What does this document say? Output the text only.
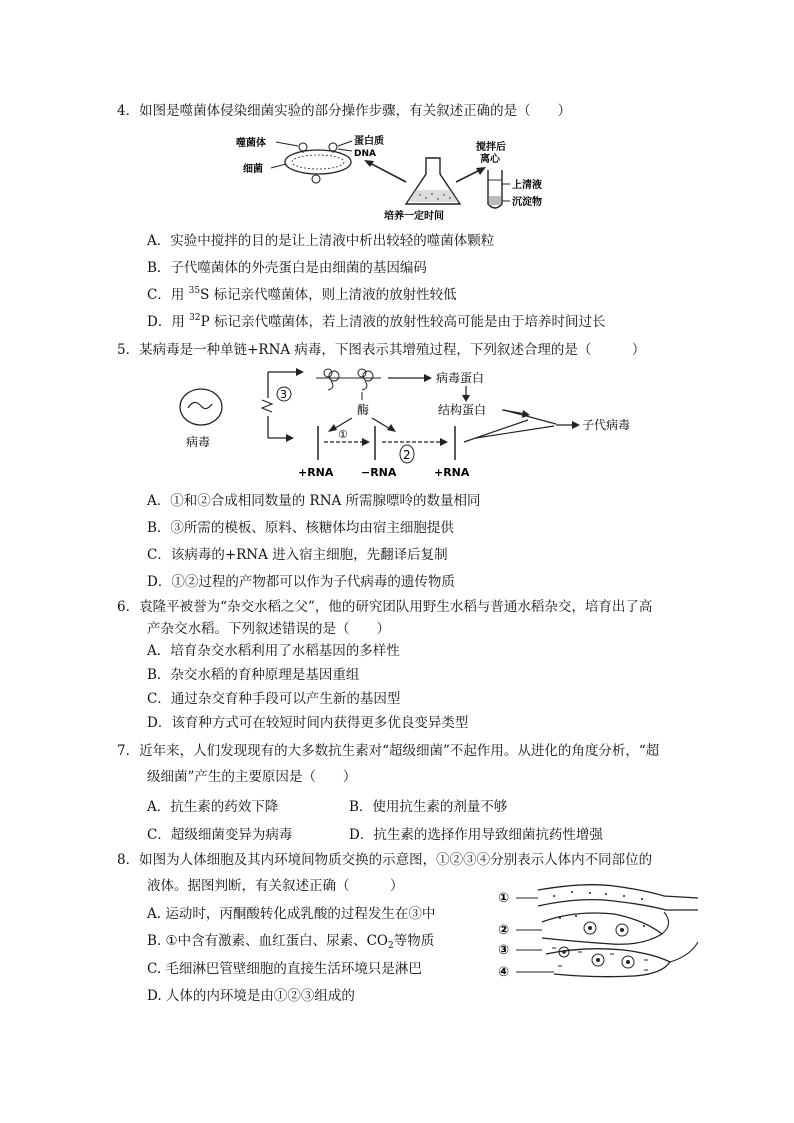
4．如图是噬菌体侵染细菌实验的部分操作步骤，有关叙述正确的是（　　）
噬菌体
细菌
蛋白质
DNA
培养一定时间
搅拌后
离心
上清液
沉淀物
A．实验中搅拌的目的是让上清液中析出较轻的噬菌体颗粒
B．子代噬菌体的外壳蛋白是由细菌的基因编码
C．用 $^{35}$S 标记亲代噬菌体，则上清液的放射性较低
D．用 $^{32}$P 标记亲代噬菌体，若上清液的放射性较高可能是由于培养时间过长
5．某病毒是一种单链+RNA 病毒，下图表示其增殖过程，下列叙述合理的是（　　　）
病毒
3
病毒蛋白
酶	结构蛋白
①
2
子代病毒
+RNA	−RNA	+RNA
A．①和②合成相同数量的 RNA 所需腺嘌呤的数量相同
B．③所需的模板、原料、核糖体均由宿主细胞提供
C．该病毒的+RNA 进入宿主细胞，先翻译后复制
D．①②过程的产物都可以作为子代病毒的遗传物质
6．袁隆平被誉为“杂交水稻之父”，他的研究团队用野生水稻与普通水稻杂交，培育出了高
产杂交水稻。下列叙述错误的是（　　）
A．培育杂交水稻利用了水稻基因的多样性
B．杂交水稻的育种原理是基因重组
C．通过杂交育种手段可以产生新的基因型
D．该育种方式可在较短时间内获得更多优良变异类型
7．近年来，人们发现现有的大多数抗生素对“超级细菌”不起作用。从进化的角度分析，“超
级细菌”产生的主要原因是（　　）
A．抗生素的药效下降	B．使用抗生素的剂量不够
C．超级细菌变异为病毒	D．抗生素的选择作用导致细菌抗药性增强
8．如图为人体细胞及其内环境间物质交换的示意图，①②③④分别表示人体内不同部位的
液体。据图判断，有关叙述正确（　　　）
A. 运动时，丙酮酸转化成乳酸的过程发生在③中
B. ①中含有激素、血红蛋白、尿素、$CO_2$等物质
C. 毛细淋巴管壁细胞的直接生活环境只是淋巴
D. 人体的内环境是由①②③组成的
①
②
③
④
